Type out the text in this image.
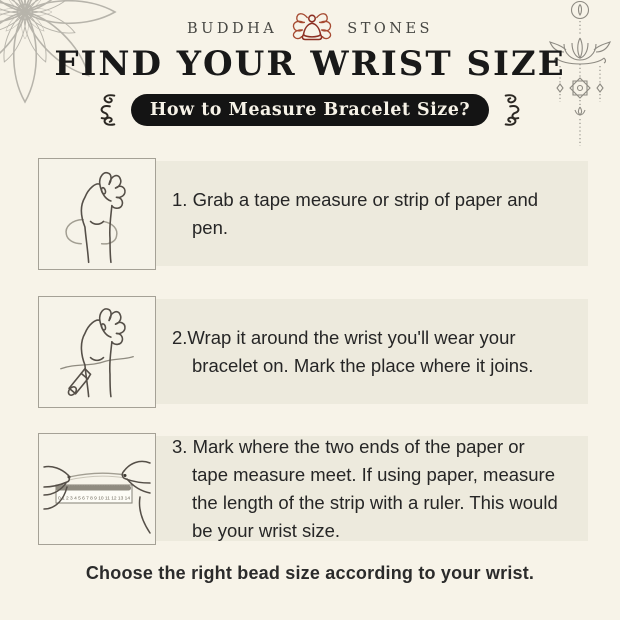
BUDDHA	STONES
FIND YOUR WRIST SIZE
How to Measure Bracelet Size?
1. Grab a tape measure or strip of paper and
pen.
2.Wrap it around the wrist you'll wear your
bracelet on. Mark the place where it joins.
0 1 2 3 4 5 6 7 8 9 10 11 12 13 14
3. Mark where the two ends of the paper or
tape measure meet. If using paper, measure
the length of the strip with a ruler. This would
be your wrist size.
Choose the right bead size according to your wrist.
